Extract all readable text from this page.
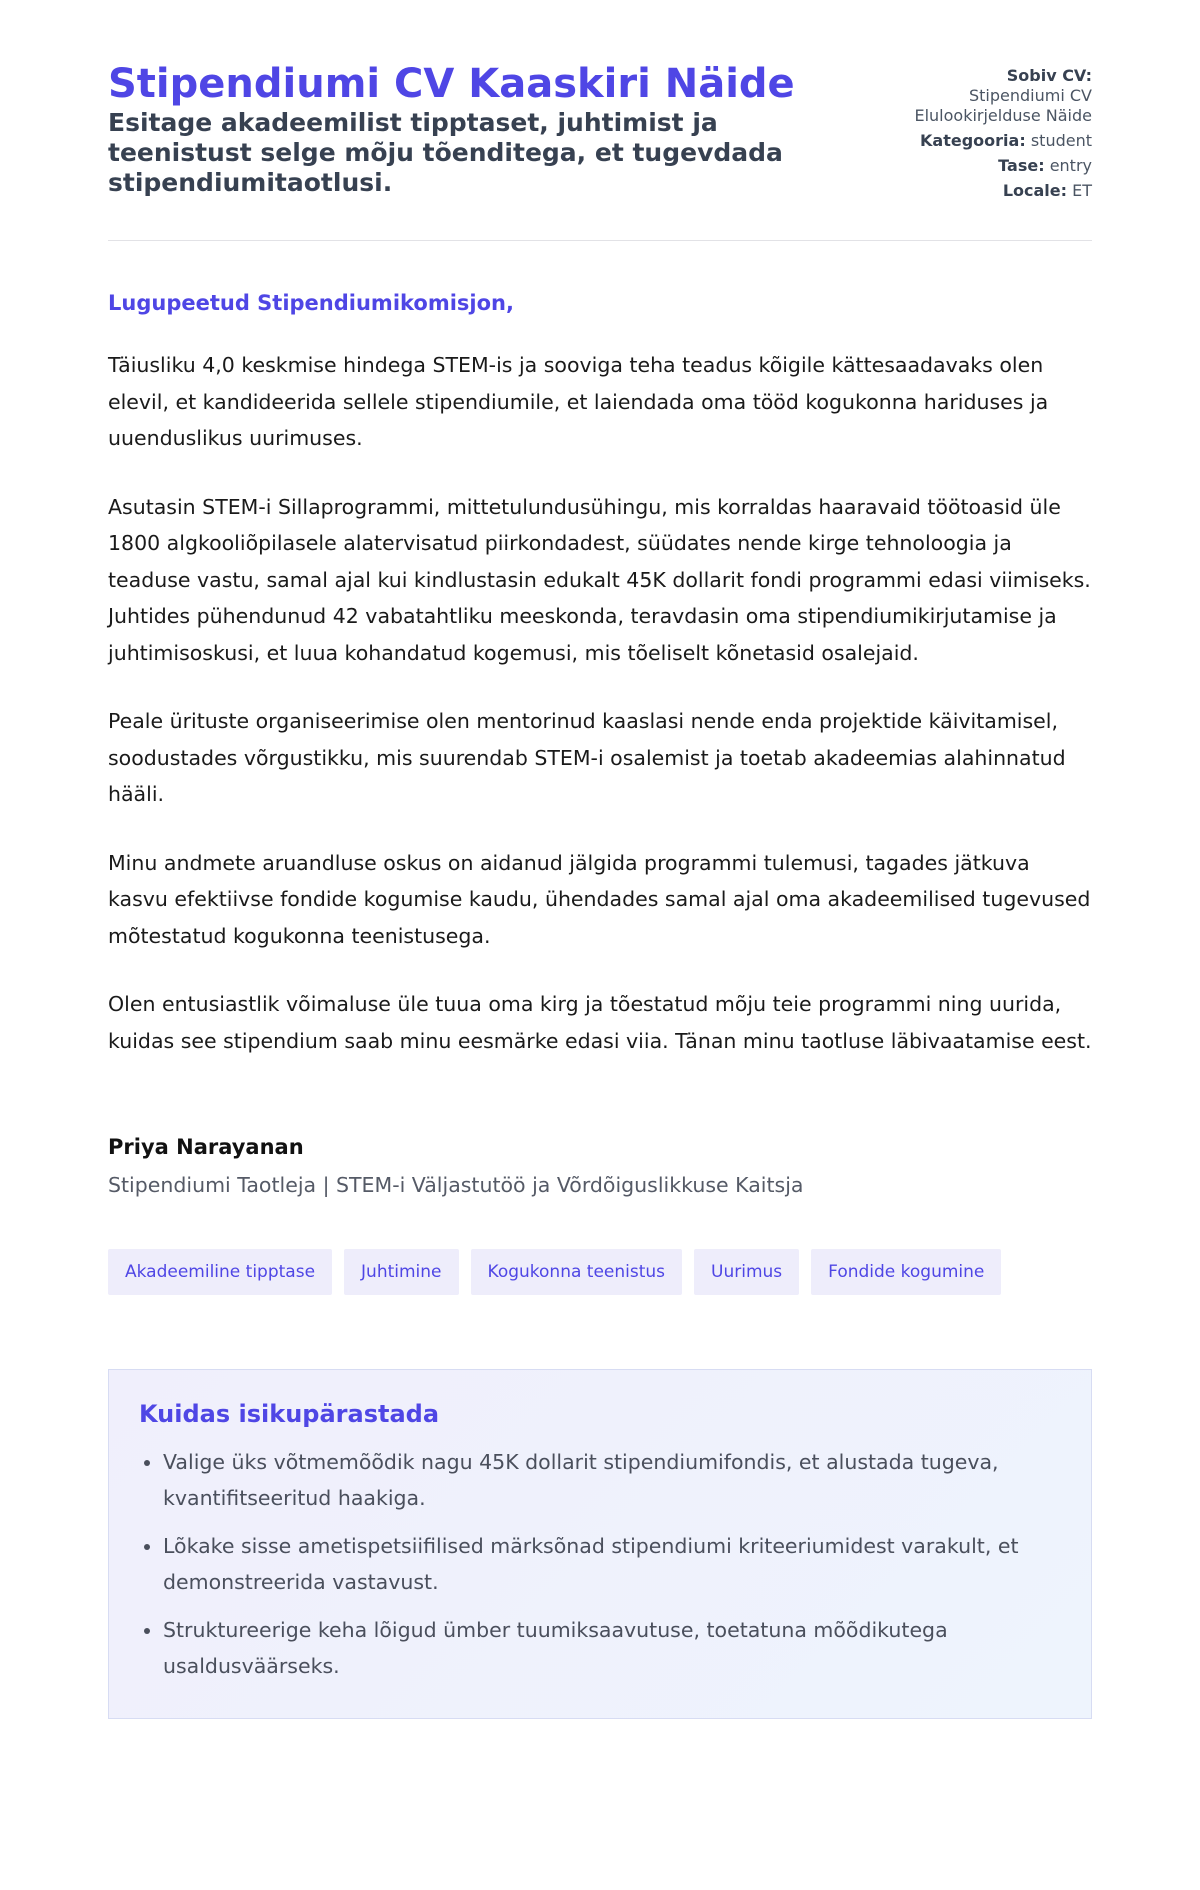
Stipendiumi CV Kaaskiri Näide

Esitage akadeemilist tipptaset, juhtimist ja teenistust selge mõju tõenditega, et tugevdada stipendiumitaotlusi.

Sobiv CV:
Stipendiumi CV
Elulookirjelduse Näide
Kategooria: student
Tase: entry
Locale: ET

Lugupeetud Stipendiumikomisjon,

Täiusliku 4,0 keskmise hindega STEM-is ja sooviga teha teadus kõigile kättesaadavaks olen elevil, et kandideerida sellele stipendiumile, et laiendada oma tööd kogukonna hariduses ja uuenduslikus uurimuses.

Asutasin STEM-i Sillaprogrammi, mittetulundusühingu, mis korraldas haaravaid töötoasid üle 1800 algkooliõpilasele alatervisatud piirkondadest, süüdates nende kirge tehnoloogia ja teaduse vastu, samal ajal kui kindlustasin edukalt 45K dollarit fondi programmi edasi viimiseks. Juhtides pühendunud 42 vabatahtliku meeskonda, teravdasin oma stipendiumikirjutamise ja juhtimisoskusi, et luua kohandatud kogemusi, mis tõeliselt kõnetasid osalejaid.

Peale ürituste organiseerimise olen mentorinud kaaslasi nende enda projektide käivitamisel, soodustades võrgustikku, mis suurendab STEM-i osalemist ja toetab akadeemias alahinnatud hääli.

Minu andmete aruandluse oskus on aidanud jälgida programmi tulemusi, tagades jätkuva kasvu efektiivse fondide kogumise kaudu, ühendades samal ajal oma akadeemilised tugevused mõtestatud kogukonna teenistusega.

Olen entusiastlik võimaluse üle tuua oma kirg ja tõestatud mõju teie programmi ning uurida, kuidas see stipendium saab minu eesmärke edasi viia. Tänan minu taotluse läbivaatamise eest.

Priya Narayanan

Stipendiumi Taotleja | STEM-i Väljastutöö ja Võrdõiguslikkuse Kaitsja

Akadeemiline tipptase	Juhtimine	Kogukonna teenistus	Uurimus	Fondide kogumine
Kuidas isikupärastada
• Valige üks võtmemõõdik nagu 45K dollarit stipendiumifondis, et alustada tugeva, kvantifitseeritud haakiga.
• Lõkake sisse ametispetsiifilised märksõnad stipendiumi kriteeriumidest varakult, et demonstreerida vastavust.
• Struktureerige keha lõigud ümber tuumiksaavutuse, toetatuna mõõdikutega usaldusväärseks.
